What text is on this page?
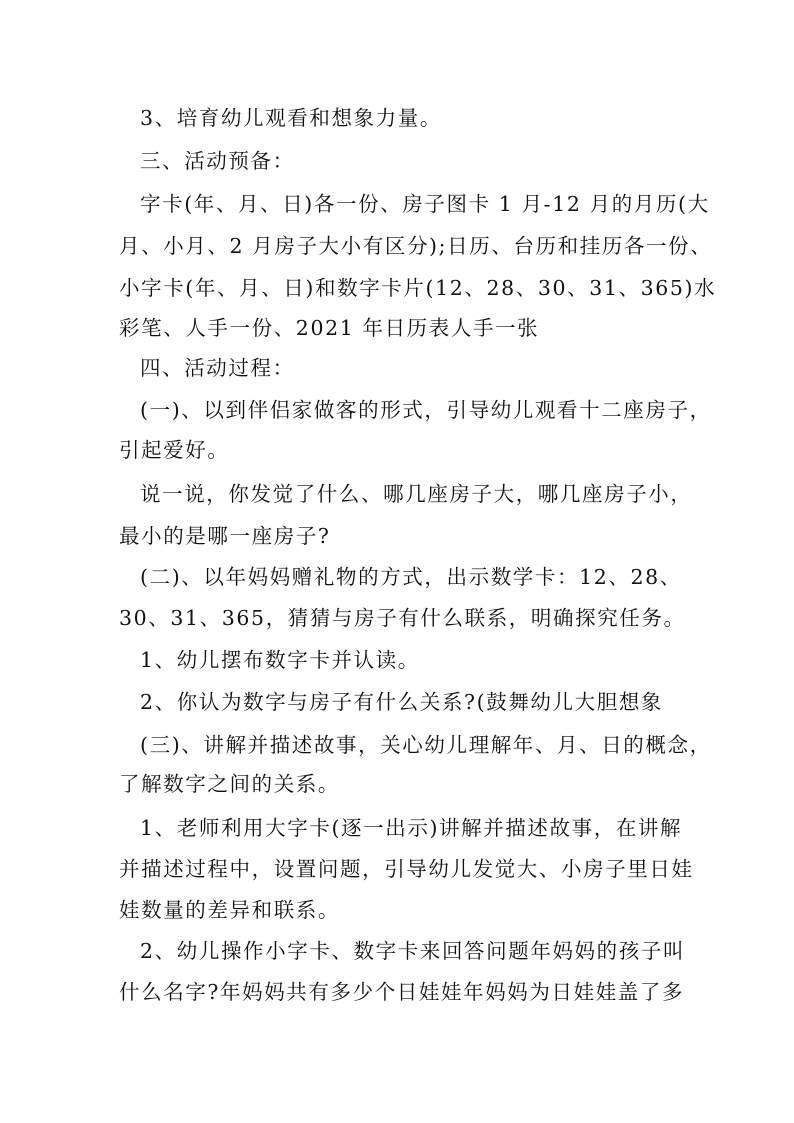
3、培育幼儿观看和想象力量。
三、活动预备：
字卡(年、月、日)各一份、房子图卡 1 月-12 月的月历(大
月、小月、2 月房子大小有区分);日历、台历和挂历各一份、
小字卡(年、月、日)和数字卡片(12、28、30、31、365)水
彩笔、人手一份、2021 年日历表人手一张
四、活动过程：
(一)、以到伴侣家做客的形式，引导幼儿观看十二座房子，
引起爱好。
说一说，你发觉了什么、哪几座房子大，哪几座房子小，
最小的是哪一座房子?
(二)、以年妈妈赠礼物的方式，出示数学卡：12、28、
30、31、365，猜猜与房子有什么联系，明确探究任务。
1、幼儿摆布数字卡并认读。
2、你认为数字与房子有什么关系?(鼓舞幼儿大胆想象
(三)、讲解并描述故事，关心幼儿理解年、月、日的概念，
了解数字之间的关系。
1、老师利用大字卡(逐一出示)讲解并描述故事，在讲解
并描述过程中，设置问题，引导幼儿发觉大、小房子里日娃
娃数量的差异和联系。
2、幼儿操作小字卡、数字卡来回答问题年妈妈的孩子叫
什么名字?年妈妈共有多少个日娃娃年妈妈为日娃娃盖了多
